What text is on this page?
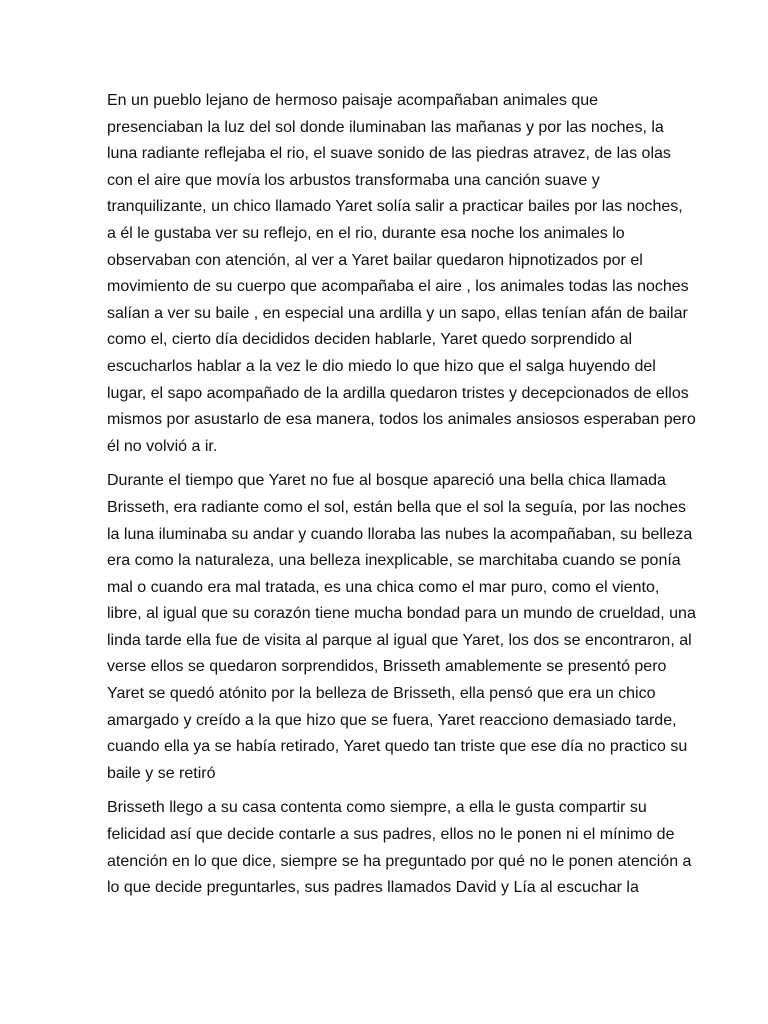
En un pueblo lejano de hermoso paisaje acompañaban animales que
presenciaban la luz del sol donde iluminaban las mañanas y por las noches, la
luna radiante reflejaba el rio, el suave sonido de las piedras atravez, de las olas
con el aire que movía los arbustos transformaba una canción suave y
tranquilizante, un chico llamado Yaret solía salir a practicar bailes por las noches,
a él le gustaba ver su reflejo, en el rio, durante esa noche los animales lo
observaban con atención, al ver a Yaret bailar quedaron hipnotizados por el
movimiento de su cuerpo que acompañaba el aire , los animales todas las noches
salían a ver su baile , en especial una ardilla y un sapo, ellas tenían afán de bailar
como el, cierto día decididos deciden hablarle, Yaret quedo sorprendido al
escucharlos hablar a la vez le dio miedo lo que hizo que el salga huyendo del
lugar, el sapo acompañado de la ardilla quedaron tristes y decepcionados de ellos
mismos por asustarlo de esa manera, todos los animales ansiosos esperaban pero
él no volvió a ir.
Durante el tiempo que Yaret no fue al bosque apareció una bella chica llamada
Brisseth, era radiante como el sol, están bella que el sol la seguía, por las noches
la luna iluminaba su andar y cuando lloraba las nubes la acompañaban, su belleza
era como la naturaleza, una belleza inexplicable, se marchitaba cuando se ponía
mal o cuando era mal tratada, es una chica como el mar puro, como el viento,
libre, al igual que su corazón tiene mucha bondad para un mundo de crueldad, una
linda tarde ella fue de visita al parque al igual que Yaret, los dos se encontraron, al
verse ellos se quedaron sorprendidos, Brisseth amablemente se presentó pero
Yaret se quedó atónito por la belleza de Brisseth, ella pensó que era un chico
amargado y creído a la que hizo que se fuera, Yaret reacciono demasiado tarde,
cuando ella ya se había retirado, Yaret quedo tan triste que ese día no practico su
baile y se retiró
Brisseth llego a su casa contenta como siempre, a ella le gusta compartir su
felicidad así que decide contarle a sus padres, ellos no le ponen ni el mínimo de
atención en lo que dice, siempre se ha preguntado por qué no le ponen atención a
lo que decide preguntarles, sus padres llamados David y Lía al escuchar la
